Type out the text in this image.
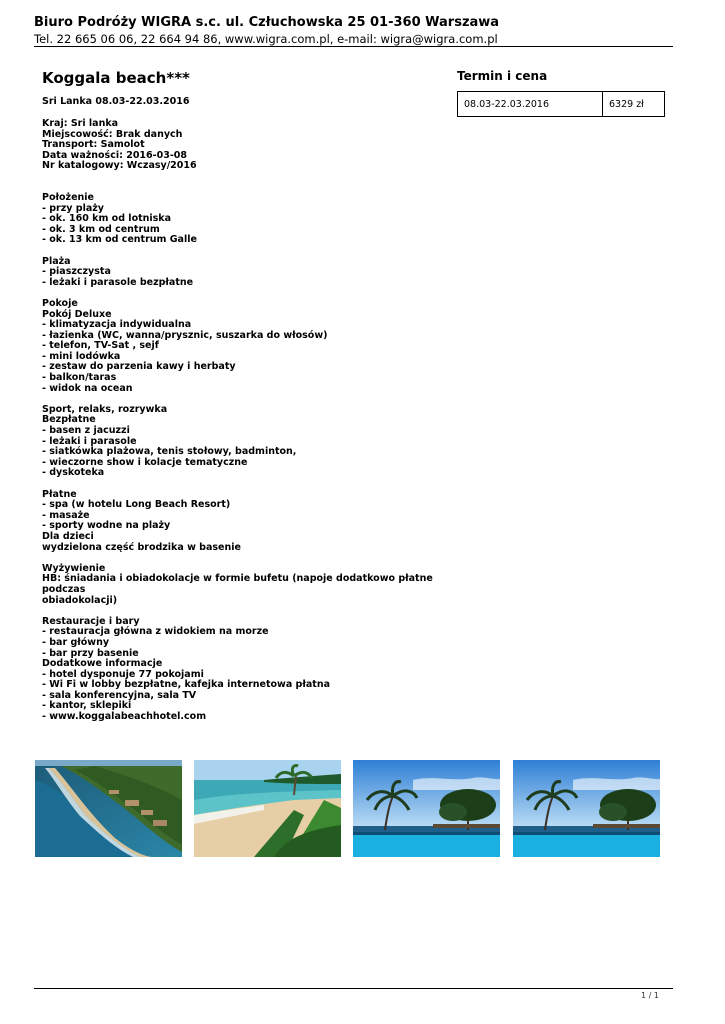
Biuro Podróży WIGRA s.c. ul. Człuchowska 25 01-360 Warszawa
Tel. 22 665 06 06, 22 664 94 86, www.wigra.com.pl, e-mail: wigra@wigra.com.pl
Koggala beach***
Sri Lanka 08.03-22.03.2016
Kraj: Sri lanka
Miejscowość: Brak danych
Transport: Samolot
Data ważności: 2016-03-08
Nr katalogowy: Wczasy/2016
Położenie
- przy plaży
- ok. 160 km od lotniska
- ok. 3 km od centrum
- ok. 13 km od centrum Galle
Plaża
- piaszczysta
- leżaki i parasole bezpłatne
Pokoje
Pokój Deluxe
- klimatyzacja indywidualna
- łazienka (WC, wanna/prysznic, suszarka do włosów)
- telefon, TV-Sat , sejf
- mini lodówka
- zestaw do parzenia kawy i herbaty
- balkon/taras
- widok na ocean
Sport, relaks, rozrywka
Bezpłatne
- basen z jacuzzi
- leżaki i parasole
- siatkówka plażowa, tenis stołowy, badminton,
- wieczorne show i kolacje tematyczne
- dyskoteka
Płatne
- spa (w hotelu Long Beach Resort)
- masaże
- sporty wodne na plaży
Dla dzieci
wydzielona część brodzika w basenie
Wyżywienie
HB: śniadania i obiadokolacje w formie bufetu (napoje dodatkowo płatne podczas
obiadokolacji)
Restauracje i bary
- restauracja główna z widokiem na morze
- bar główny
- bar przy basenie
Dodatkowe informacje
- hotel dysponuje 77 pokojami
- Wi Fi w lobby bezpłatne, kafejka internetowa płatna
- sala konferencyjna, sala TV
- kantor, sklepiki
- www.koggalabeachhotel.com
Termin i cena
08.03-22.03.2016	6329 zł
1 / 1
